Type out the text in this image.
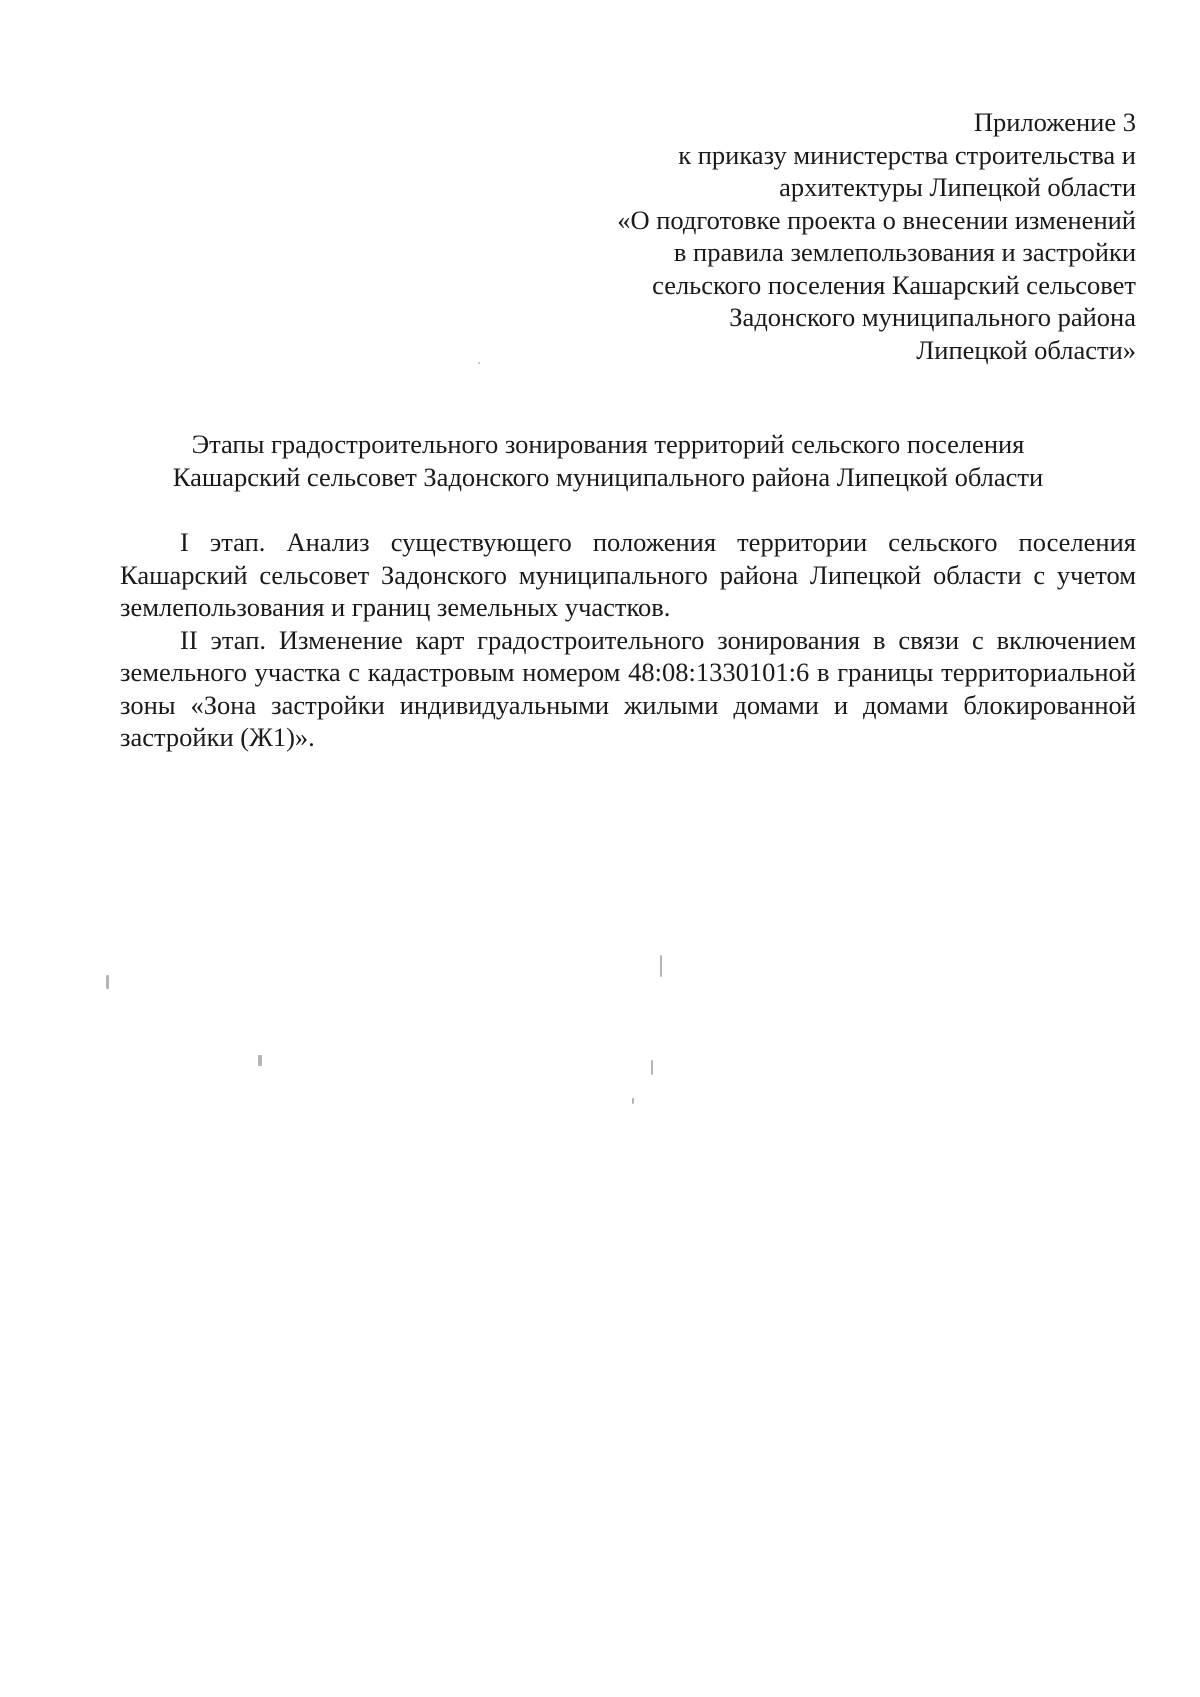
Приложение 3
к приказу министерства строительства и
архитектуры Липецкой области
«О подготовке проекта о внесении изменений
в правила землепользования и застройки
сельского поселения Кашарский сельсовет
Задонского муниципального района
Липецкой области»
Этапы градостроительного зонирования территорий сельского поселения
Кашарский сельсовет Задонского муниципального района Липецкой области

I этап. Анализ существующего положения территории сельского поселения Кашарский сельсовет Задонского муниципального района Липецкой области с учетом землепользования и границ земельных участков.

II этап. Изменение карт градостроительного зонирования в связи с включением земельного участка с кадастровым номером 48:08:1330101:6 в границы территориальной зоны «Зона застройки индивидуальными жилыми домами и домами блокированной застройки (Ж1)».
